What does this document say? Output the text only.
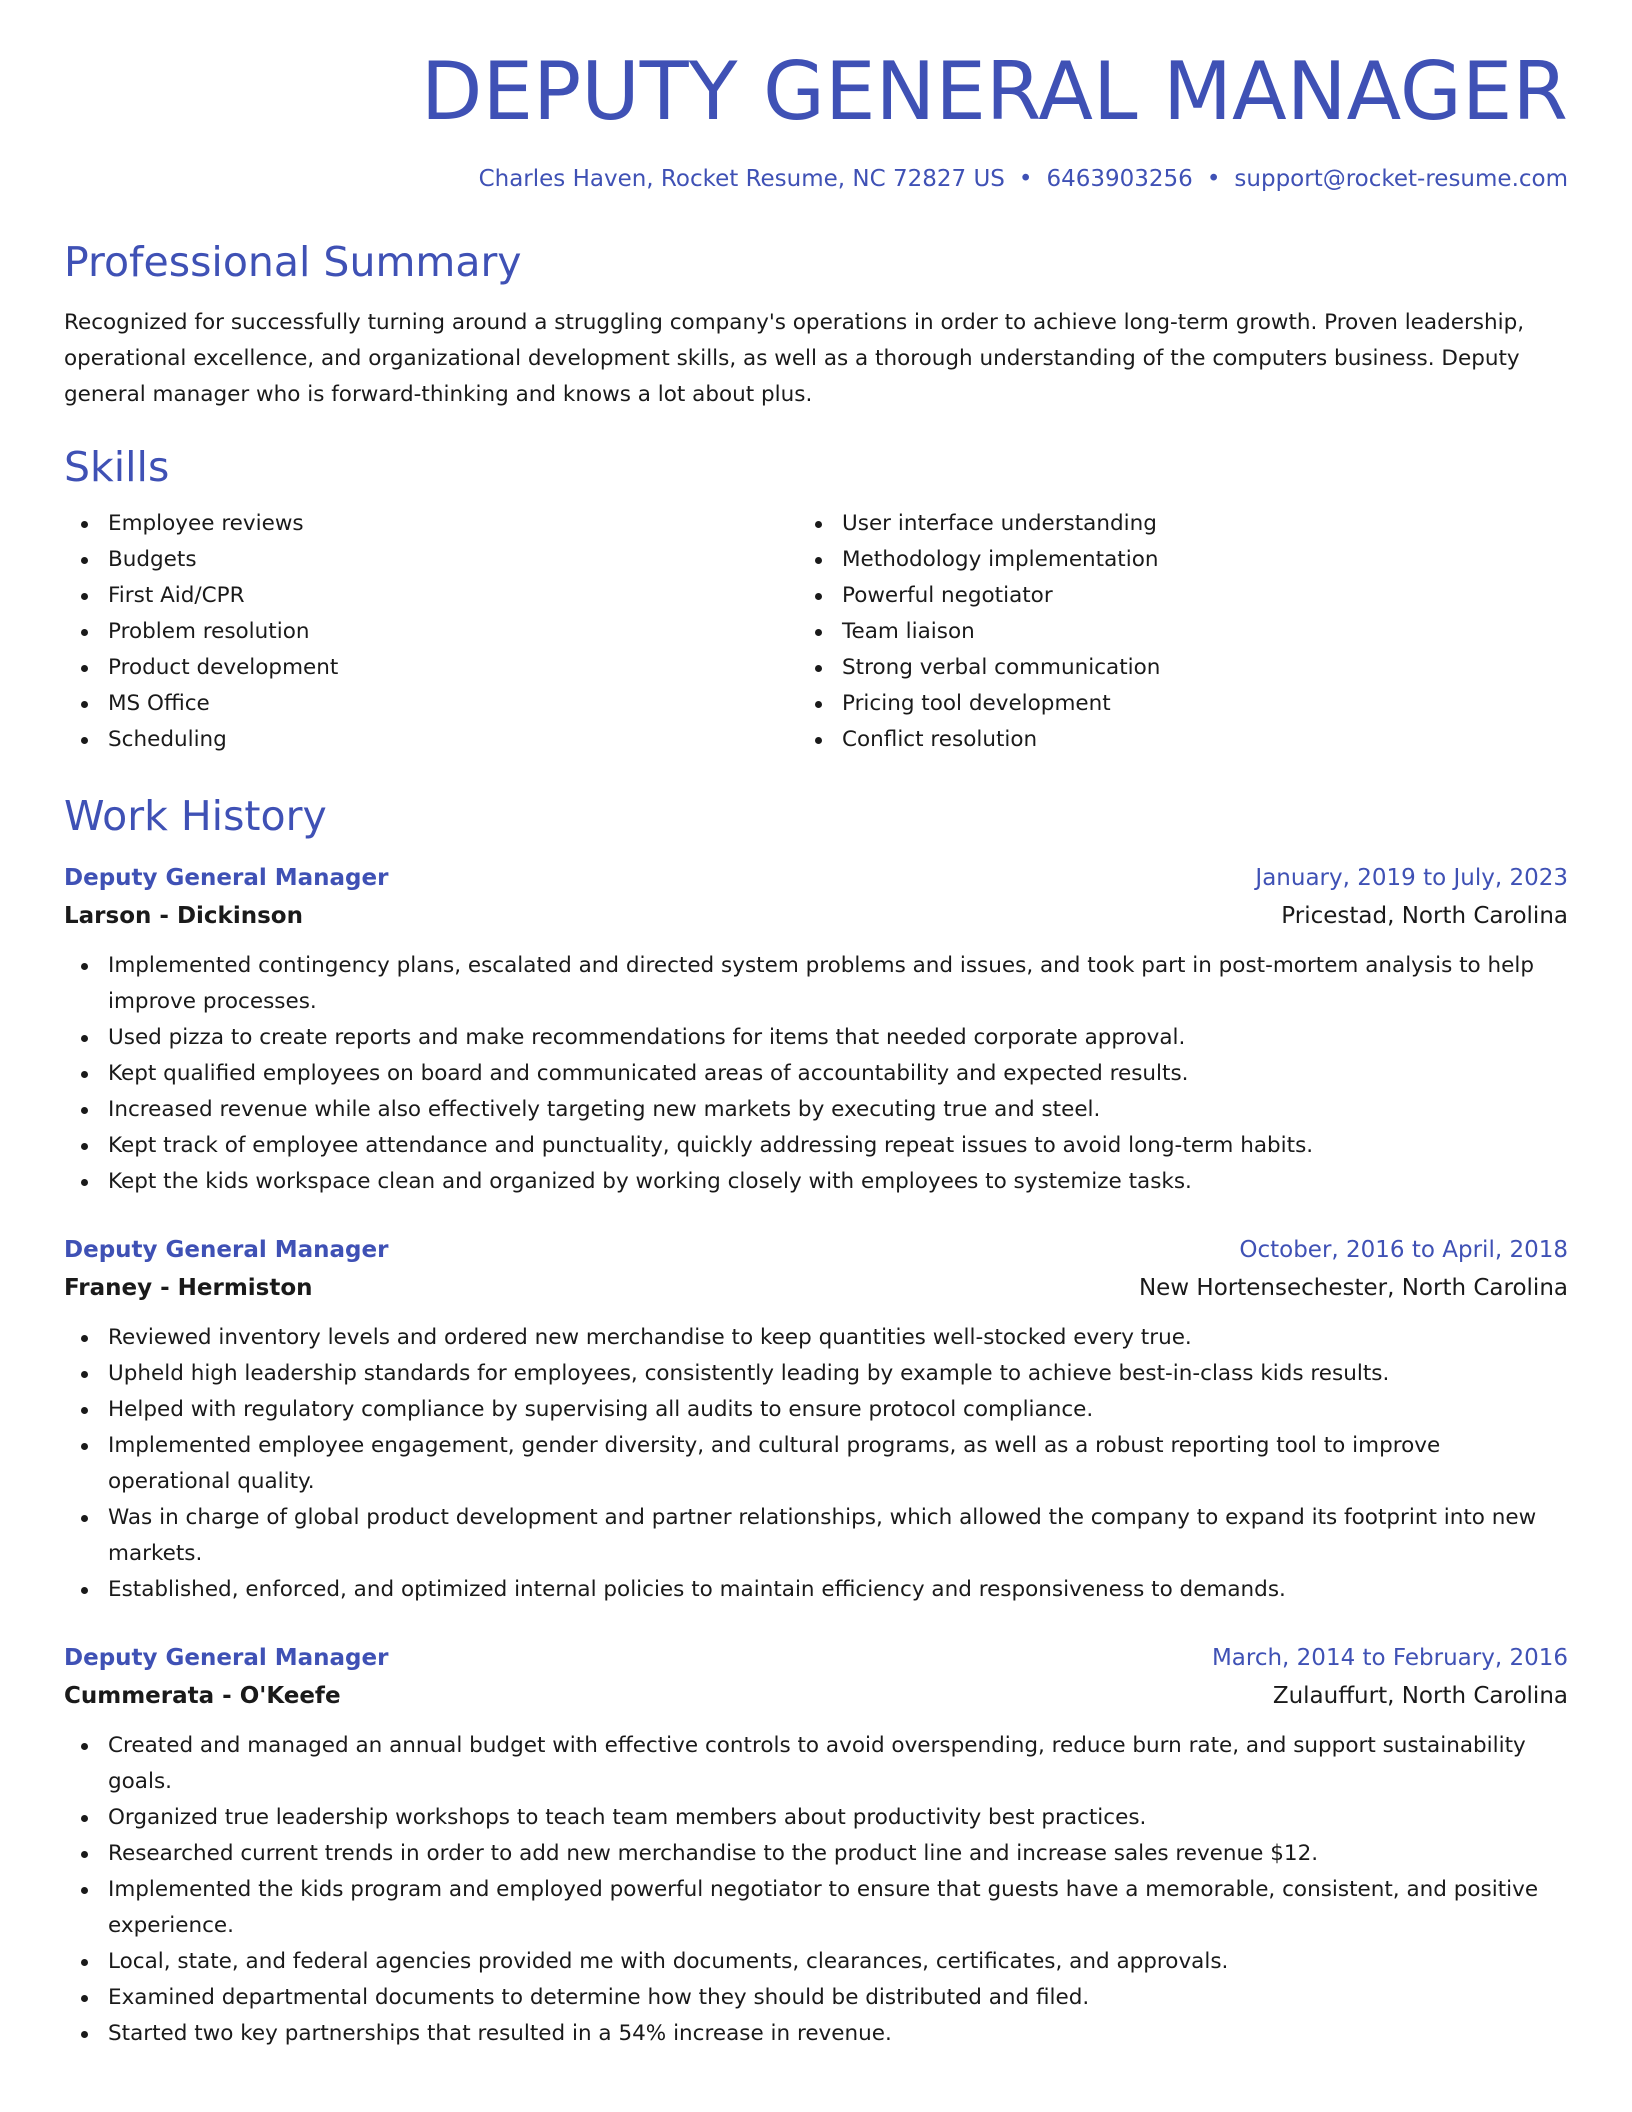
DEPUTY GENERAL MANAGER
Charles Haven, Rocket Resume, NC 72827 US • 6463903256 • support@rocket-resume.com
Professional Summary

Recognized for successfully turning around a struggling company's operations in order to achieve long-term growth. Proven leadership, operational excellence, and organizational development skills, as well as a thorough understanding of the computers business. Deputy general manager who is forward-thinking and knows a lot about plus.

Skills
Employee reviews
Budgets
First Aid/CPR
Problem resolution
Product development
MS Office
Scheduling
User interface understanding
Methodology implementation
Powerful negotiator
Team liaison
Strong verbal communication
Pricing tool development
Conflict resolution
Work History
Deputy General Manager	January, 2019 to July, 2023
Larson - Dickinson	Pricestad, North Carolina
Implemented contingency plans, escalated and directed system problems and issues, and took part in post-mortem analysis to help improve processes.
Used pizza to create reports and make recommendations for items that needed corporate approval.
Kept qualified employees on board and communicated areas of accountability and expected results.
Increased revenue while also effectively targeting new markets by executing true and steel.
Kept track of employee attendance and punctuality, quickly addressing repeat issues to avoid long-term habits.
Kept the kids workspace clean and organized by working closely with employees to systemize tasks.
Deputy General Manager	October, 2016 to April, 2018
Franey - Hermiston	New Hortensechester, North Carolina
Reviewed inventory levels and ordered new merchandise to keep quantities well-stocked every true.
Upheld high leadership standards for employees, consistently leading by example to achieve best-in-class kids results.
Helped with regulatory compliance by supervising all audits to ensure protocol compliance.
Implemented employee engagement, gender diversity, and cultural programs, as well as a robust reporting tool to improve operational quality.
Was in charge of global product development and partner relationships, which allowed the company to expand its footprint into new markets.
Established, enforced, and optimized internal policies to maintain efficiency and responsiveness to demands.
Deputy General Manager	March, 2014 to February, 2016
Cummerata - O'Keefe	Zulauffurt, North Carolina
Created and managed an annual budget with effective controls to avoid overspending, reduce burn rate, and support sustainability goals.
Organized true leadership workshops to teach team members about productivity best practices.
Researched current trends in order to add new merchandise to the product line and increase sales revenue $12.
Implemented the kids program and employed powerful negotiator to ensure that guests have a memorable, consistent, and positive experience.
Local, state, and federal agencies provided me with documents, clearances, certificates, and approvals.
Examined departmental documents to determine how they should be distributed and filed.
Started two key partnerships that resulted in a 54% increase in revenue.
